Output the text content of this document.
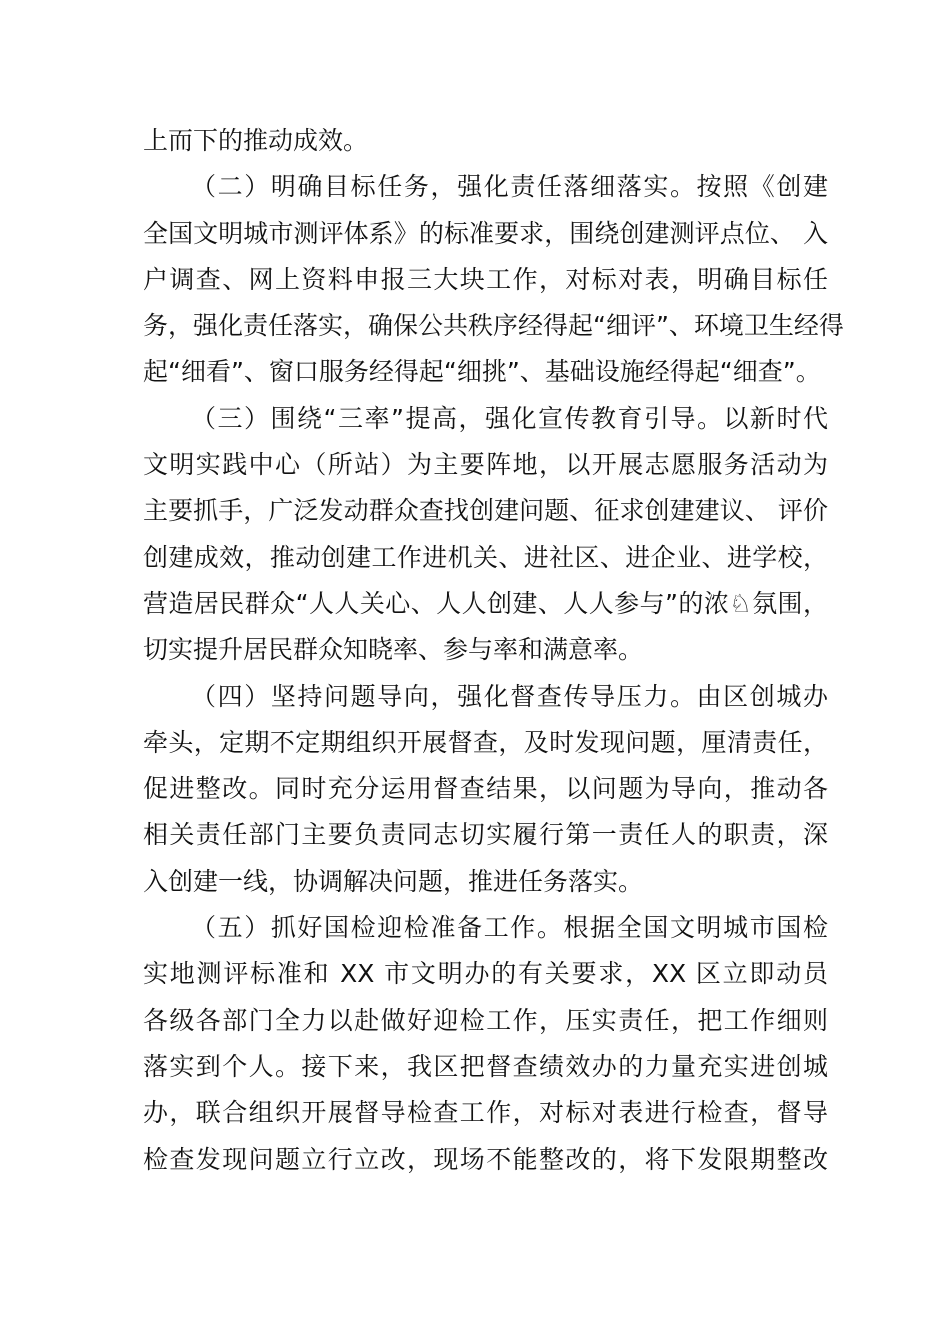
上而下的推动成效。
（二）明确目标任务，强化责任落细落实。按照《创建
全国文明城市测评体系》的标准要求，围绕创建测评点位、 入
户调查、网上资料申报三大块工作，对标对表，明确目标任
务，强化责任落实，确保公共秩序经得起“细评”、环境卫生经得
起“细看”、窗口服务经得起“细挑”、基础设施经得起“细查”。
（三）围绕“三率”提高，强化宣传教育引导。以新时代
文明实践中心（所站）为主要阵地，以开展志愿服务活动为
主要抓手，广泛发动群众查找创建问题、征求创建建议、 评价
创建成效，推动创建工作进机关、进社区、进企业、进学校，
营造居民群众“人人关心、人人创建、人人参与”的浓♘氛围，
切实提升居民群众知晓率、参与率和满意率。
（四）坚持问题导向，强化督查传导压力。由区创城办
牵头，定期不定期组织开展督查，及时发现问题，厘清责任，
促进整改。同时充分运用督查结果，以问题为导向，推动各
相关责任部门主要负责同志切实履行第一责任人的职责，深
入创建一线，协调解决问题，推进任务落实。
（五）抓好国检迎检准备工作。根据全国文明城市国检
实地测评标准和 XX 市文明办的有关要求，XX 区立即动员
各级各部门全力以赴做好迎检工作，压实责任，把工作细则
落实到个人。接下来，我区把督查绩效办的力量充实进创城
办，联合组织开展督导检查工作，对标对表进行检查，督导
检查发现问题立行立改，现场不能整改的，将下发限期整改
